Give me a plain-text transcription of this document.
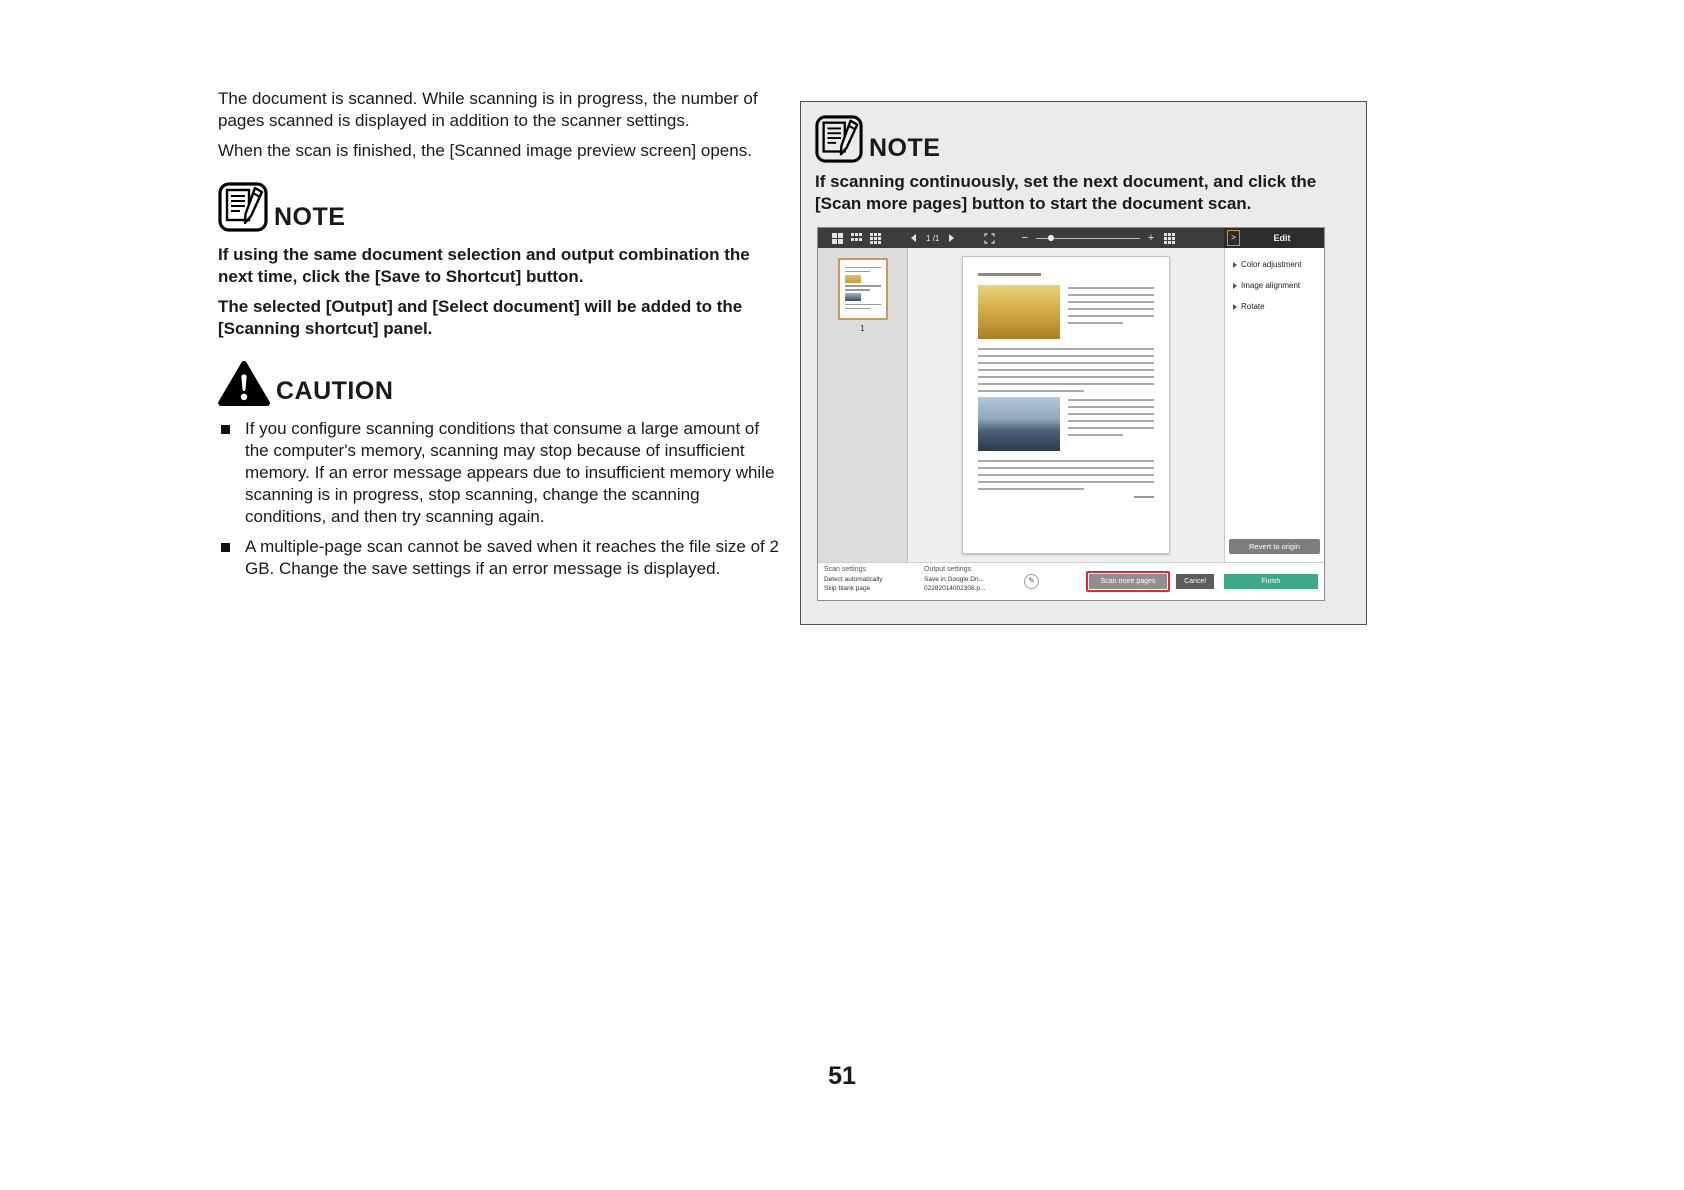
The document is scanned. While scanning is in progress, the number of pages scanned is displayed in addition to the scanner settings.

When the scan is finished, the [Scanned image preview screen] opens.

NOTE

If using the same document selection and output combination the next time, click the [Save to Shortcut] button.

The selected [Output] and [Select document] will be added to the [Scanning shortcut] panel.

CAUTION
If you configure scanning conditions that consume a large amount of the computer's memory, scanning may stop because of insufficient memory. If an error message appears due to insufficient memory while scanning is in progress, stop scanning, change the scanning conditions, and then try scanning again.
A multiple-page scan cannot be saved when it reaches the file size of 2 GB. Change the save settings if an error message is displayed.
NOTE

If scanning continuously, set the next document, and click the [Scan more pages] button to start the document scan.

1 /1	−	+	>	Edit
1
Color adjustment
Image alignment
Rotate
Revert to origin
Scan settings
Detect automatically
Skip blank page
Output settings
Save in Google Dri...
02282014002308.p...
✎	Scan more pages	Cancel	Finish
51
